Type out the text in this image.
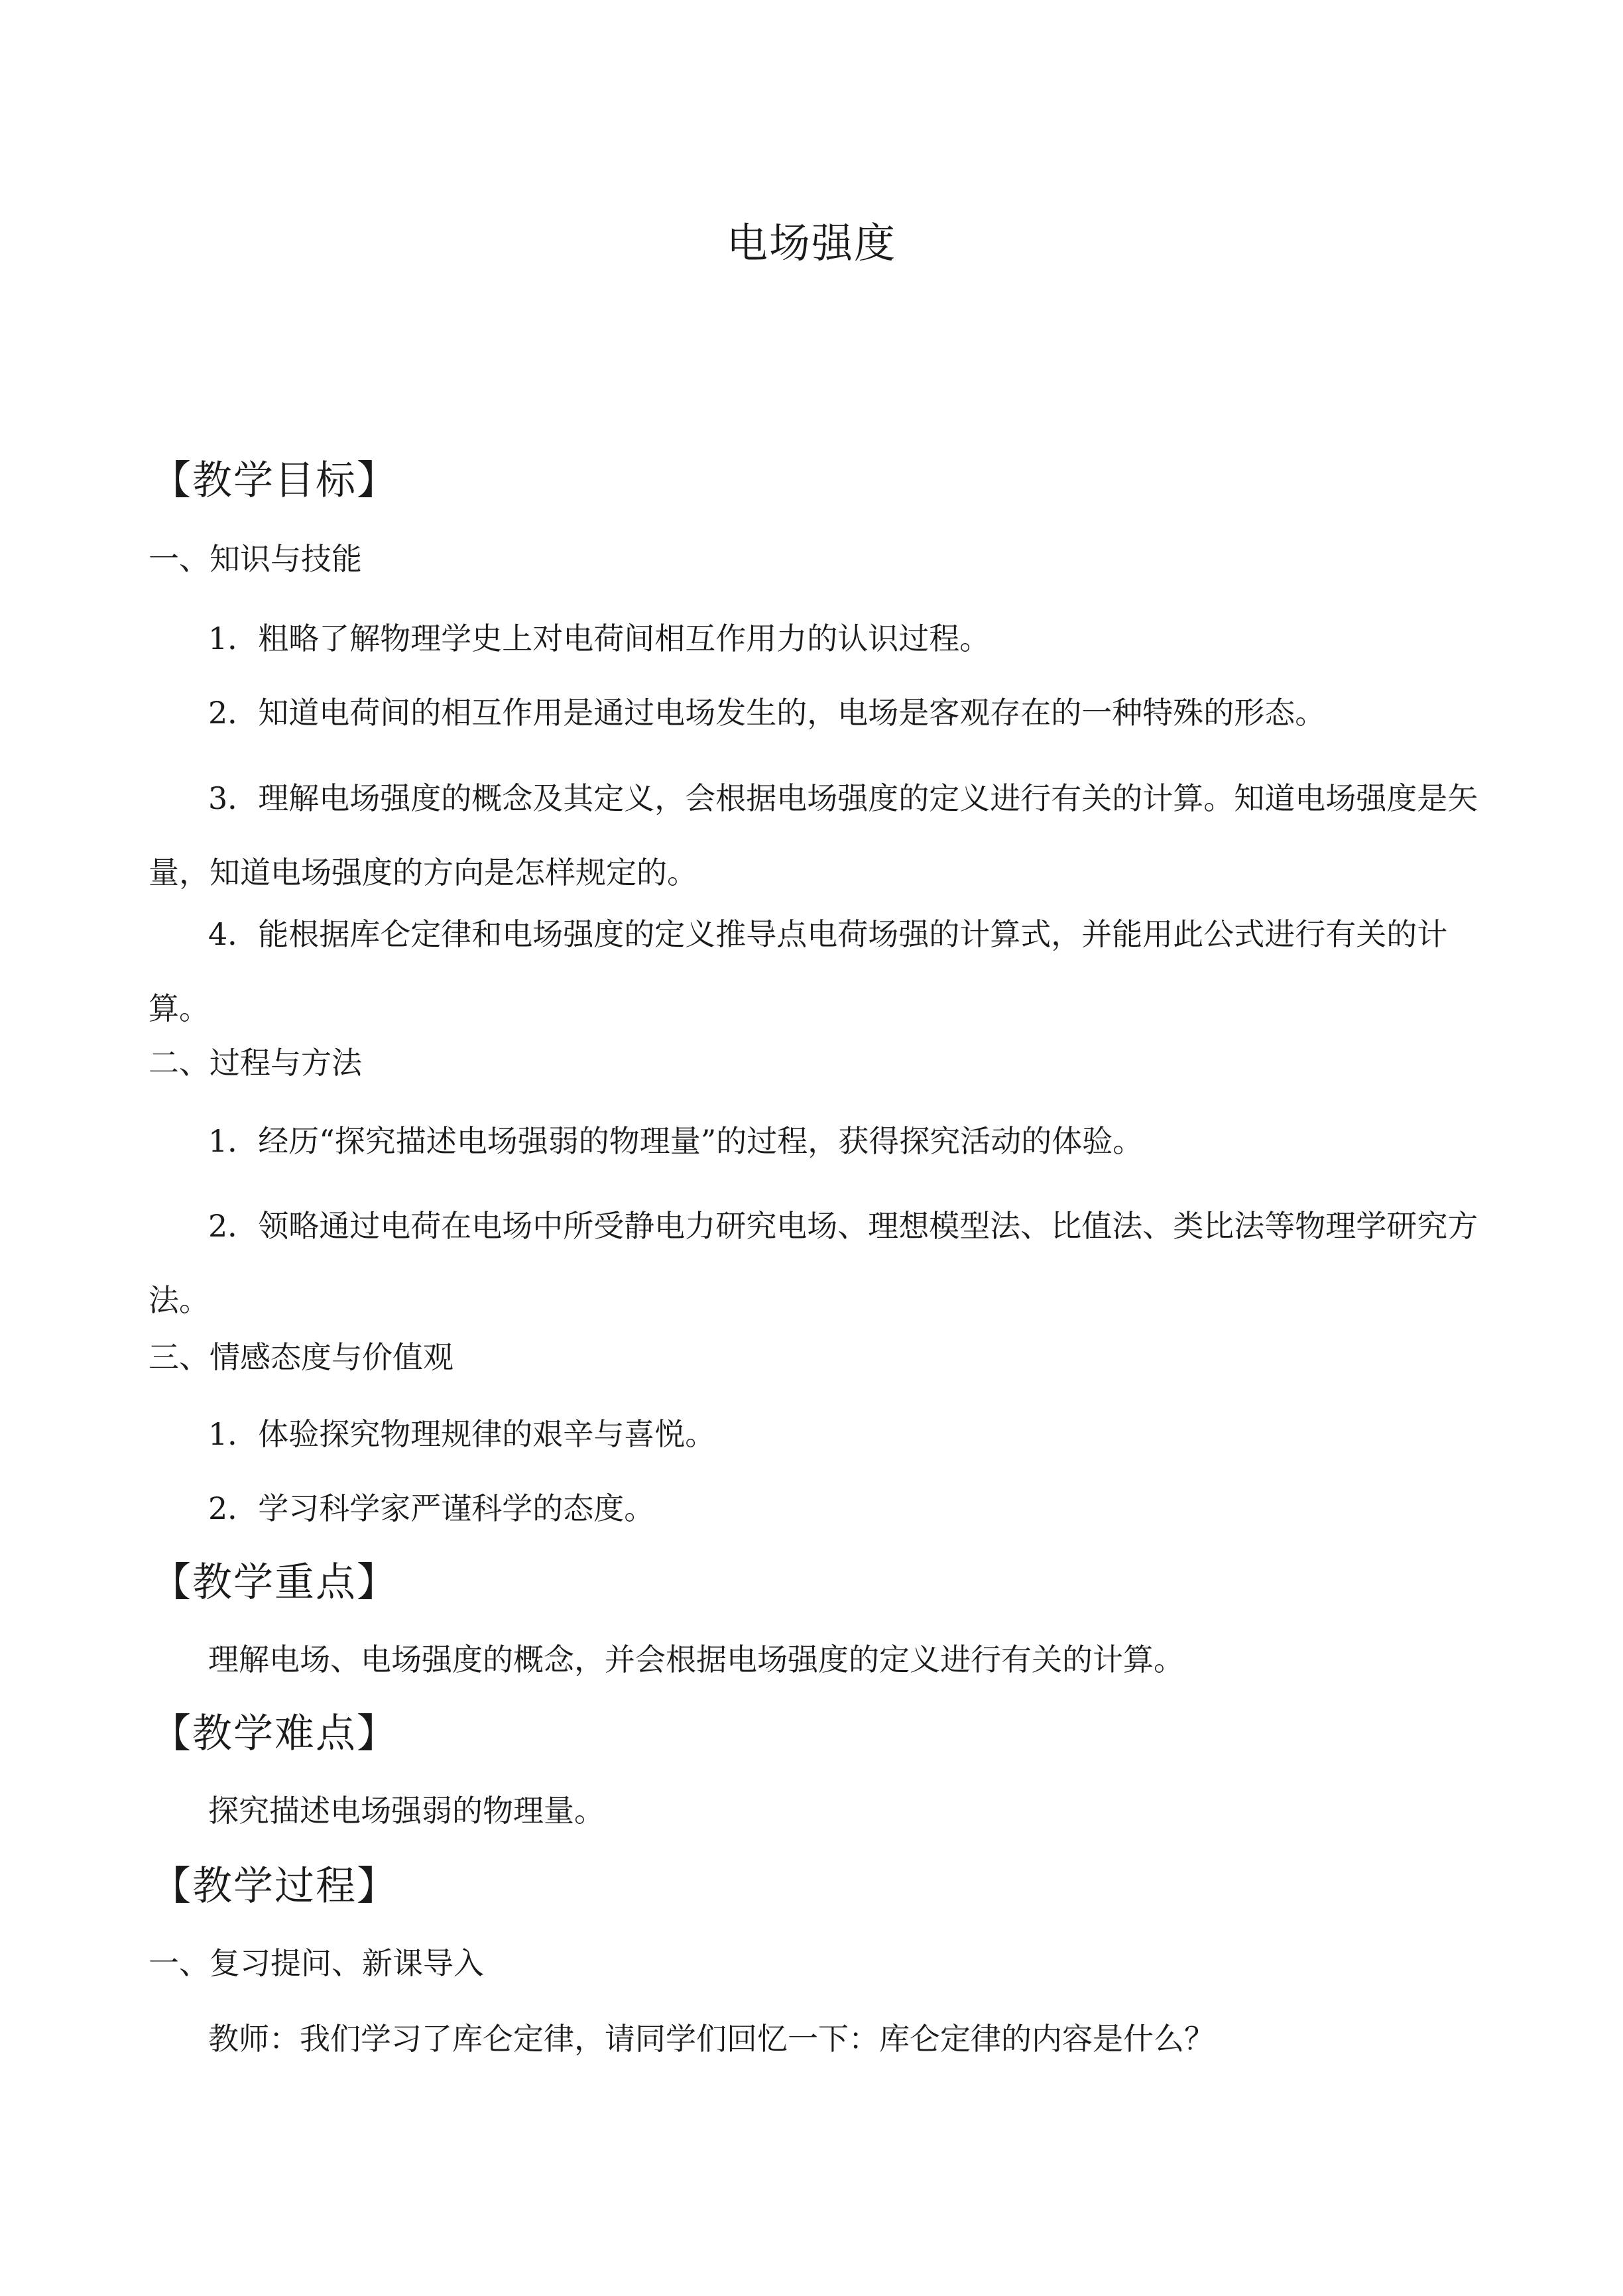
电场强度
【教学目标】
一、知识与技能
1．粗略了解物理学史上对电荷间相互作用力的认识过程。
2．知道电荷间的相互作用是通过电场发生的，电场是客观存在的一种特殊的形态。
3．理解电场强度的概念及其定义，会根据电场强度的定义进行有关的计算。知道电场强度是矢量，知道电场强度的方向是怎样规定的。
4．能根据库仑定律和电场强度的定义推导点电荷场强的计算式，并能用此公式进行有关的计算。
二、过程与方法
1．经历“探究描述电场强弱的物理量”的过程，获得探究活动的体验。
2．领略通过电荷在电场中所受静电力研究电场、理想模型法、比值法、类比法等物理学研究方法。
三、情感态度与价值观
1．体验探究物理规律的艰辛与喜悦。
2．学习科学家严谨科学的态度。
【教学重点】
理解电场、电场强度的概念，并会根据电场强度的定义进行有关的计算。
【教学难点】
探究描述电场强弱的物理量。
【教学过程】
一、复习提问、新课导入
教师：我们学习了库仑定律，请同学们回忆一下：库仑定律的内容是什么？
